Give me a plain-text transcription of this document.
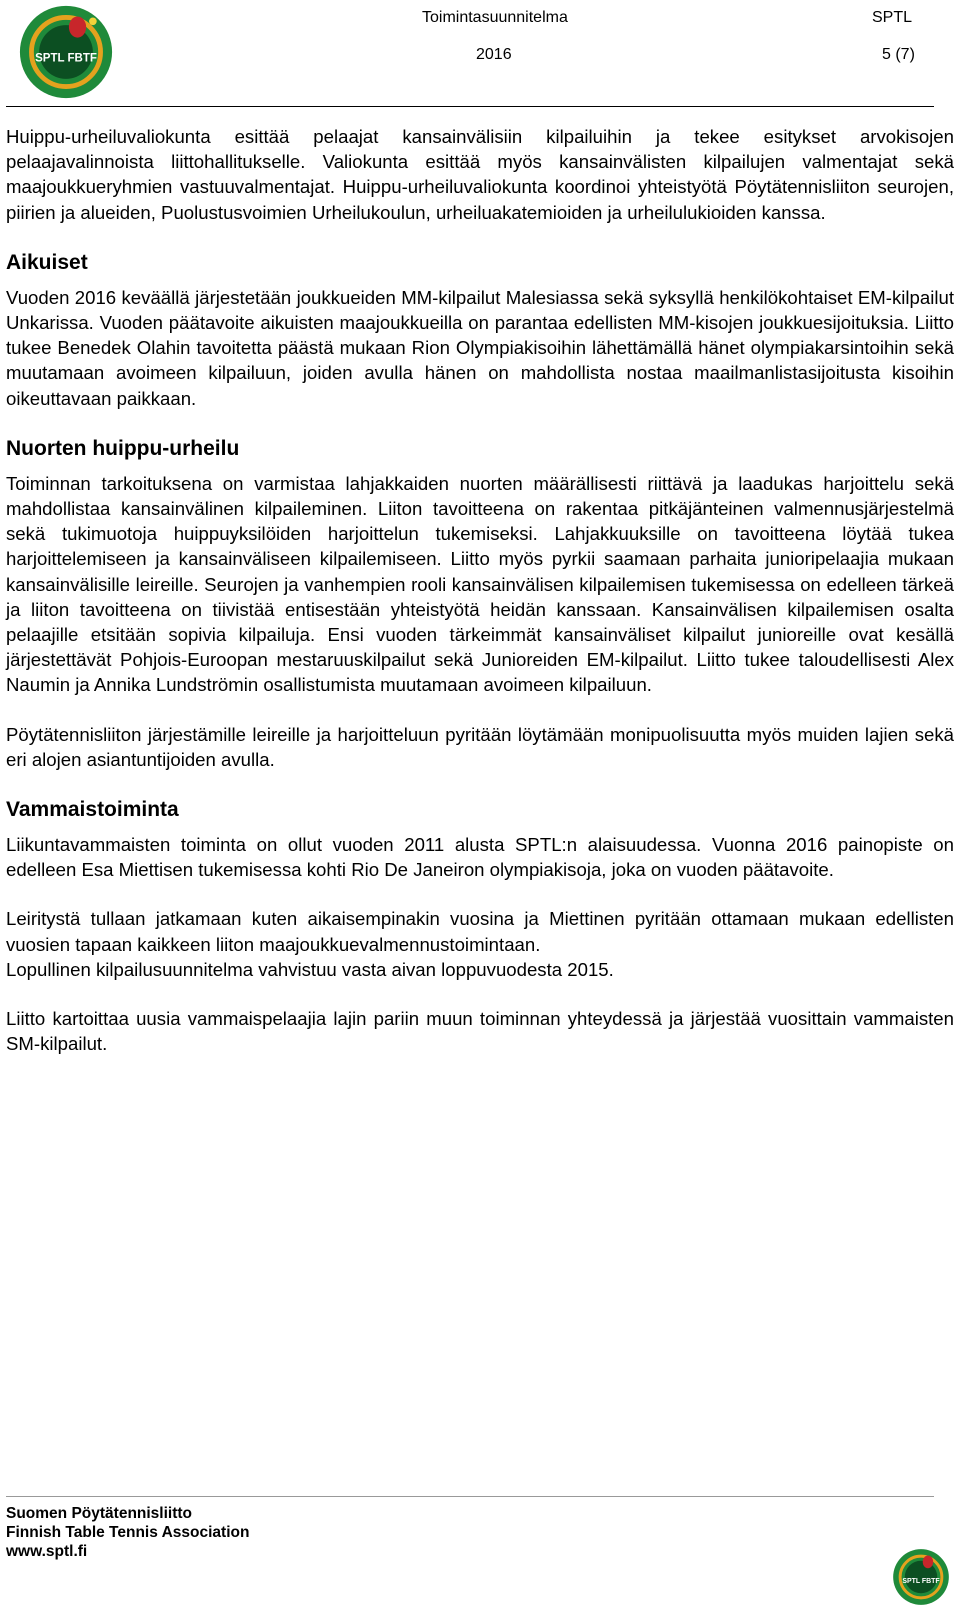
SPTL FBTF
Toimintasuunnitelma	SPTL
2016	5 (7)

Huippu-urheiluvaliokunta esittää pelaajat kansainvälisiin kilpailuihin ja tekee esitykset arvokisojen pelaajavalinnoista liittohallitukselle. Valiokunta esittää myös kansainvälisten kilpailujen valmentajat sekä maajoukkueryhmien vastuuvalmentajat. Huippu-urheiluvaliokunta koordinoi yhteistyötä Pöytätennisliiton seurojen, piirien ja alueiden, Puolustusvoimien Urheilukoulun, urheiluakatemioiden ja urheilulukioiden kanssa.

Aikuiset

Vuoden 2016 keväällä järjestetään joukkueiden MM-kilpailut Malesiassa sekä syksyllä henkilökohtaiset EM-kilpailut Unkarissa. Vuoden päätavoite aikuisten maajoukkueilla on parantaa edellisten MM-kisojen joukkuesijoituksia. Liitto tukee Benedek Olahin tavoitetta päästä mukaan Rion Olympiakisoihin lähettämällä hänet olympiakarsintoihin sekä muutamaan avoimeen kilpailuun, joiden avulla hänen on mahdollista nostaa maailmanlistasijoitusta kisoihin oikeuttavaan paikkaan.

Nuorten huippu-urheilu

Toiminnan tarkoituksena on varmistaa lahjakkaiden nuorten määrällisesti riittävä ja laadukas harjoittelu sekä mahdollistaa kansainvälinen kilpaileminen. Liiton tavoitteena on rakentaa pitkäjänteinen valmennusjärjestelmä sekä tukimuotoja huippuyksilöiden harjoittelun tukemiseksi. Lahjakkuuksille on tavoitteena löytää tukea harjoittelemiseen ja kansainväliseen kilpailemiseen. Liitto myös pyrkii saamaan parhaita junioripelaajia mukaan kansainvälisille leireille. Seurojen ja vanhempien rooli kansainvälisen kilpailemisen tukemisessa on edelleen tärkeä ja liiton tavoitteena on tiivistää entisestään yhteistyötä heidän kanssaan. Kansainvälisen kilpailemisen osalta pelaajille etsitään sopivia kilpailuja. Ensi vuoden tärkeimmät kansainväliset kilpailut junioreille ovat kesällä järjestettävät Pohjois-Euroopan mestaruuskilpailut sekä Junioreiden EM-kilpailut. Liitto tukee taloudellisesti Alex Naumin ja Annika Lundströmin osallistumista muutamaan avoimeen kilpailuun.

Pöytätennisliiton järjestämille leireille ja harjoitteluun pyritään löytämään monipuolisuutta myös muiden lajien sekä eri alojen asiantuntijoiden avulla.

Vammaistoiminta

Liikuntavammaisten toiminta on ollut vuoden 2011 alusta SPTL:n alaisuudessa. Vuonna 2016 painopiste on edelleen Esa Miettisen tukemisessa kohti Rio De Janeiron olympiakisoja, joka on vuoden päätavoite.

Leiritystä tullaan jatkamaan kuten aikaisempinakin vuosina ja Miettinen pyritään ottamaan mukaan edellisten vuosien tapaan kaikkeen liiton maajoukkuevalmennustoimintaan.

Lopullinen kilpailusuunnitelma vahvistuu vasta aivan loppuvuodesta 2015.

Liitto kartoittaa uusia vammaispelaajia lajin pariin muun toiminnan yhteydessä ja järjestää vuosittain vammaisten SM-kilpailut.

Suomen Pöytätennisliitto
Finnish Table Tennis Association
www.sptl.fi
SPTL FBTF
